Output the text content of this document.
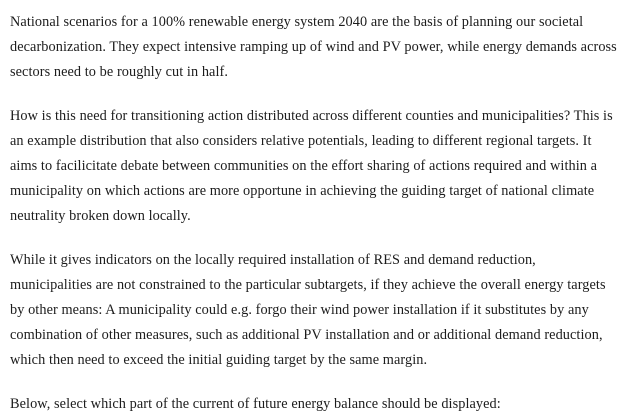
National scenarios for a 100% renewable energy system 2040 are the basis of planning our societal decarbonization. They expect intensive ramping up of wind and PV power, while energy demands across sectors need to be roughly cut in half.

How is this need for transitioning action distributed across different counties and municipalities? This is an example distribution that also considers relative potentials, leading to different regional targets. It aims to facilicitate debate between communities on the effort sharing of actions required and within a municipality on which actions are more opportune in achieving the guiding target of national climate neutrality broken down locally.

While it gives indicators on the locally required installation of RES and demand reduction, municipalities are not constrained to the particular subtargets, if they achieve the overall energy targets by other means: A municipality could e.g. forgo their wind power installation if it substitutes by any combination of other measures, such as additional PV installation and or additional demand reduction, which then need to exceed the initial guiding target by the same margin.

Below, select which part of the current of future energy balance should be displayed:
